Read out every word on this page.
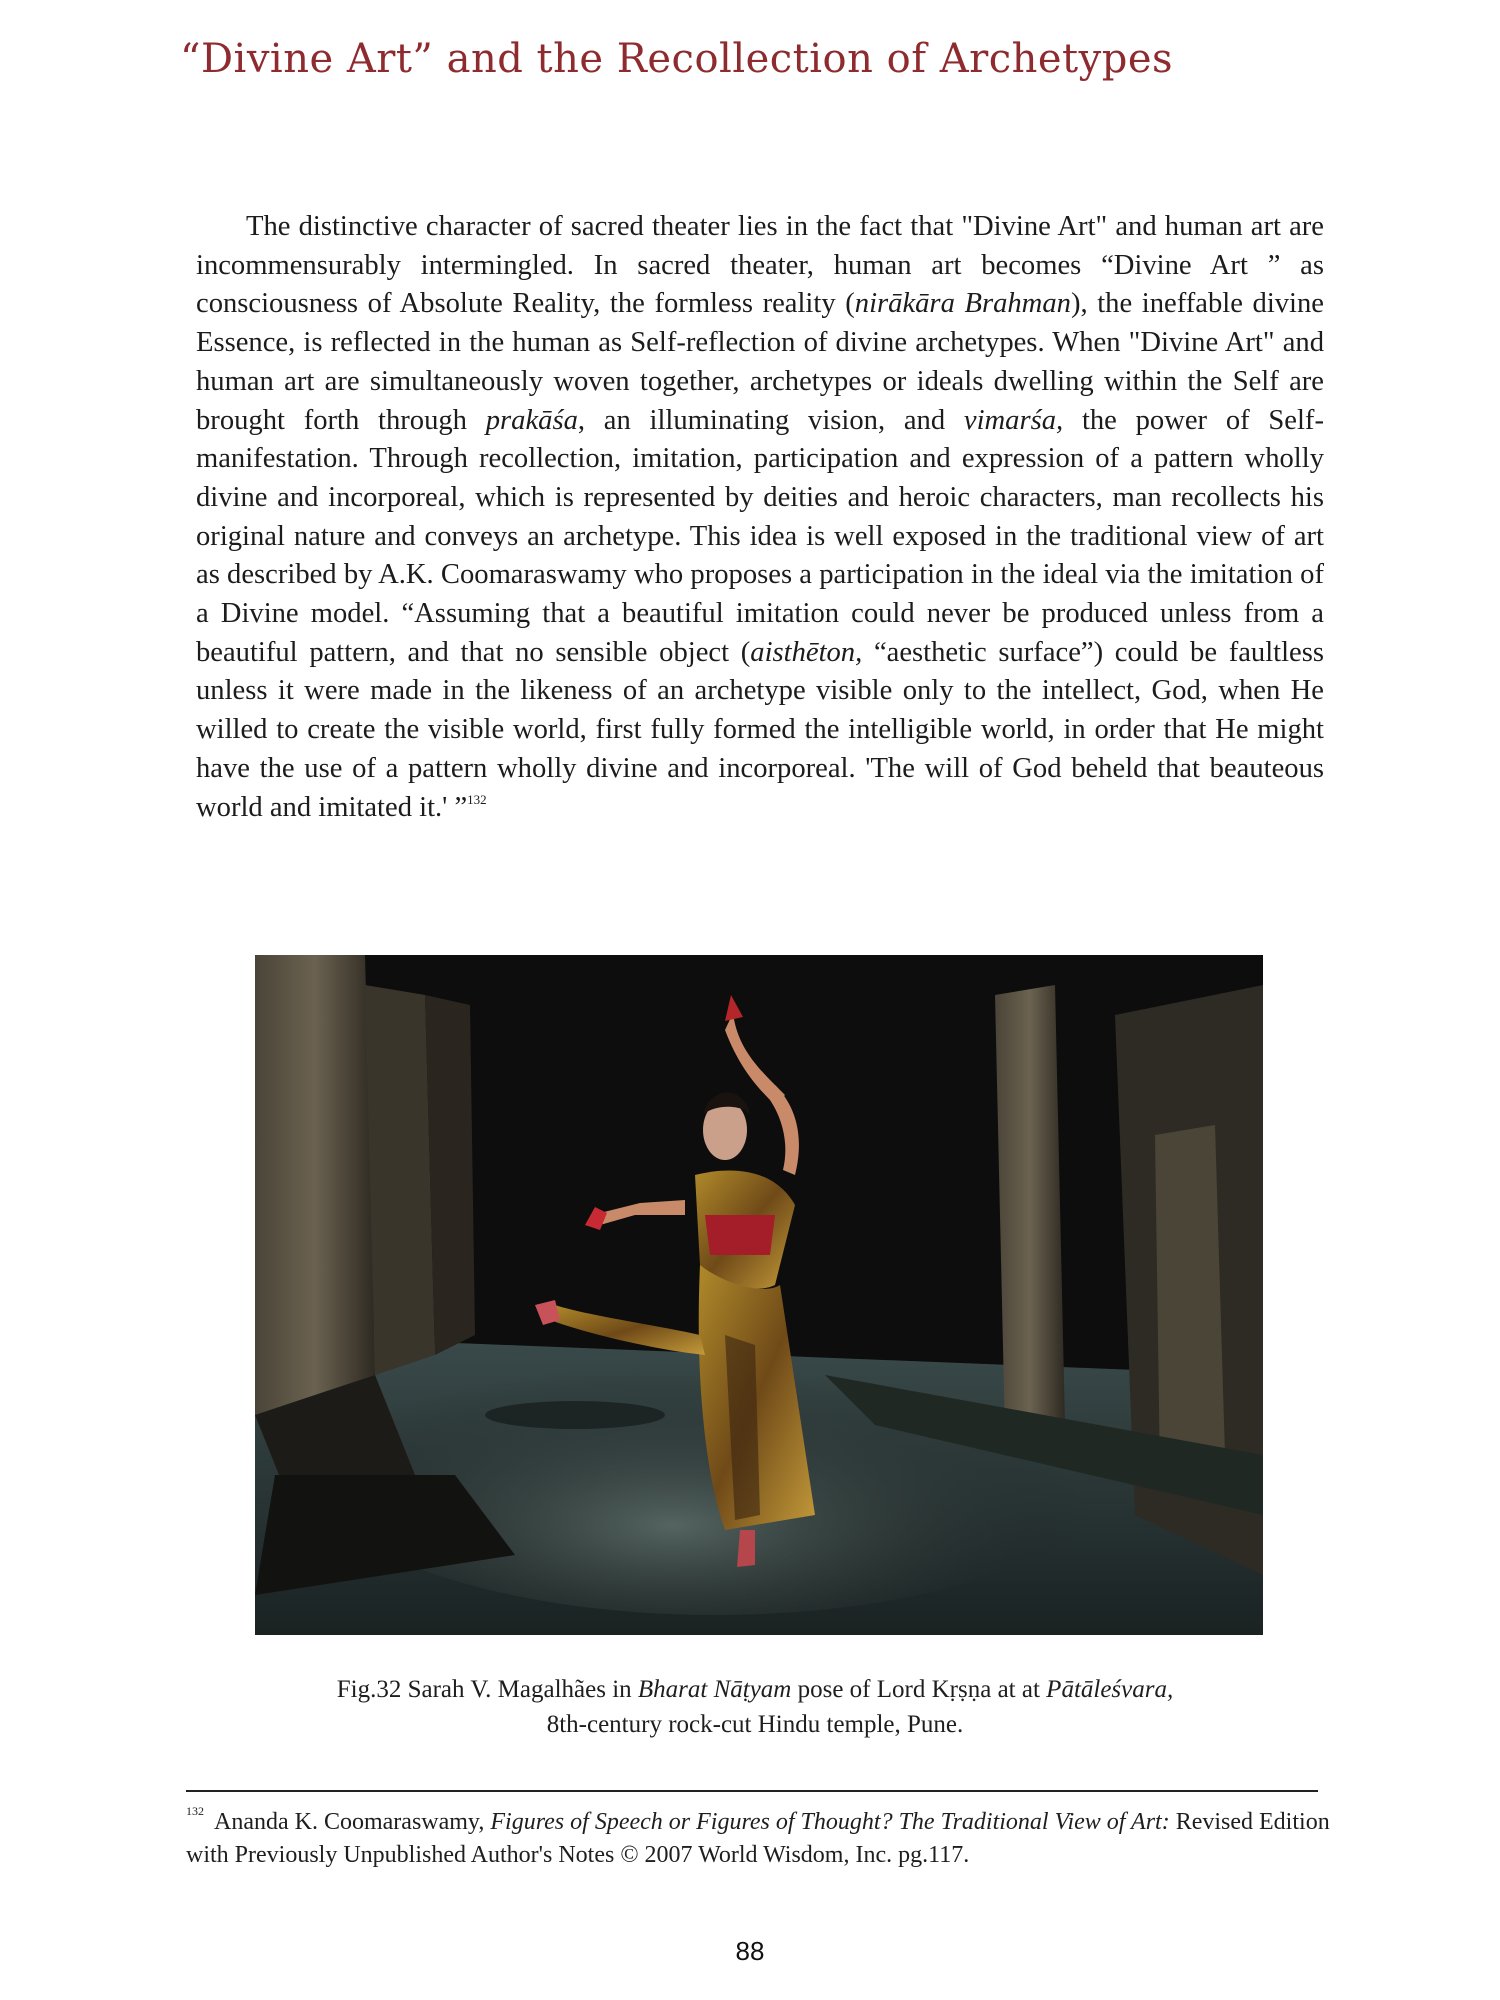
“Divine Art” and the Recollection of Archetypes

The distinctive character of sacred theater lies in the fact that "Divine Art" and human art are incommensurably intermingled. In sacred theater, human art becomes “Divine Art ” as consciousness of Absolute Reality, the formless reality (nirākāra Brahman), the ineffable divine Essence, is reflected in the human as Self-reflection of divine archetypes. When "Divine Art" and human art are simultaneously woven together, archetypes or ideals dwelling within the Self are brought forth through prakāśa, an illuminating vision, and vimarśa, the power of Self-manifestation. Through recollection, imitation, participation and expression of a pattern wholly divine and incorporeal, which is represented by deities and heroic characters, man recollects his original nature and conveys an archetype. This idea is well exposed in the traditional view of art as described by A.K. Coomaraswamy who proposes a participation in the ideal via the imitation of a Divine model. “Assuming that a beautiful imitation could never be produced unless from a beautiful pattern, and that no sensible object (aisthēton, “aesthetic surface”) could be faultless unless it were made in the likeness of an archetype visible only to the intellect, God, when He willed to create the visible world, first fully formed the intelligible world, in order that He might have the use of a pattern wholly divine and incorporeal. 'The will of God beheld that beauteous world and imitated it.' ”$^{132}$

Fig.32 Sarah V. Magalhães in Bharat Nāṭyam pose of Lord Kṛṣṇa at at Pātāleśvara,
8th-century rock-cut Hindu temple, Pune.
$^{132}$ Ananda K. Coomaraswamy, Figures of Speech or Figures of Thought? The Traditional View of Art: Revised Edition with Previously Unpublished Author's Notes © 2007 World Wisdom, Inc. pg.117.
88
